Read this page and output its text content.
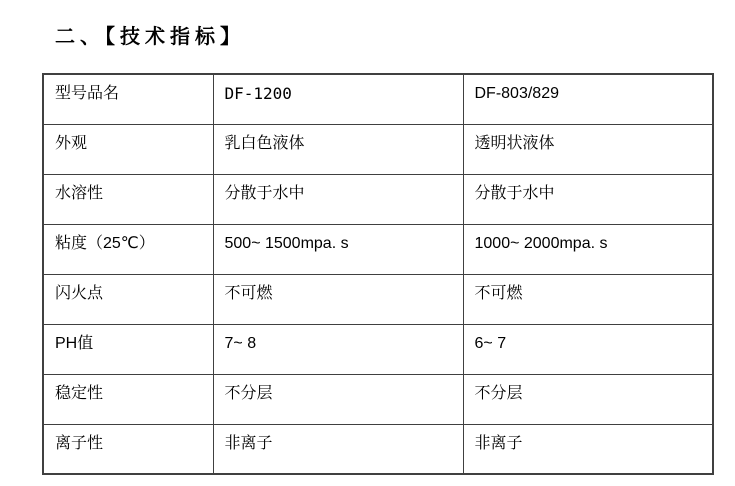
二、【技术指标】
型号品名	DF-1200	DF-803/829
外观	乳白色液体	透明状液体
水溶性	分散于水中	分散于水中
粘度（25℃）	500~ 1500mpa. s	1000~ 2000mpa. s
闪火点	不可燃	不可燃
PH值	7~ 8	6~ 7
稳定性	不分层	不分层
离子性	非离子	非离子
